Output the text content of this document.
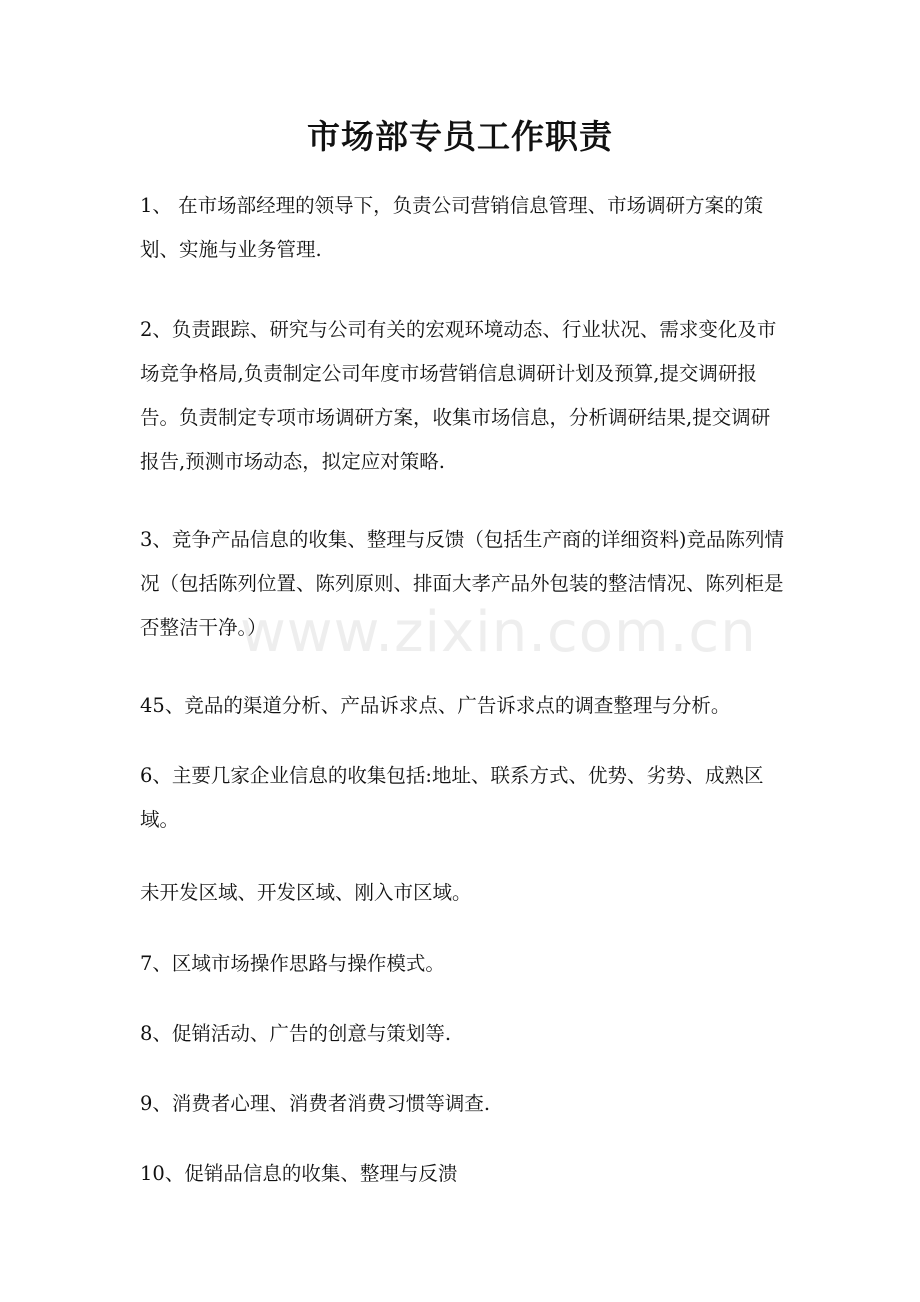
市场部专员工作职责

1、 在市场部经理的领导下，负责公司营销信息管理、市场调研方案的策划、实施与业务管理.

2、负责跟踪、研究与公司有关的宏观环境动态、行业状况、需求变化及市场竞争格局,负责制定公司年度市场营销信息调研计划及预算,提交调研报告。负责制定专项市场调研方案，收集市场信息，分析调研结果,提交调研报告,预测市场动态，拟定应对策略.

3、竞争产品信息的收集、整理与反馈（包括生产商的详细资料)竞品陈列情况（包括陈列位置、陈列原则、排面大孝产品外包装的整洁情况、陈列柜是否整洁干净。）

45、竞品的渠道分析、产品诉求点、广告诉求点的调查整理与分析。

6、主要几家企业信息的收集包括:地址、联系方式、优势、劣势、成熟区域。

未开发区域、开发区域、刚入市区域。

7、区域市场操作思路与操作模式。

8、促销活动、广告的创意与策划等.

9、消费者心理、消费者消费习惯等调查.

10、促销品信息的收集、整理与反溃

www.zixin.com.cn
